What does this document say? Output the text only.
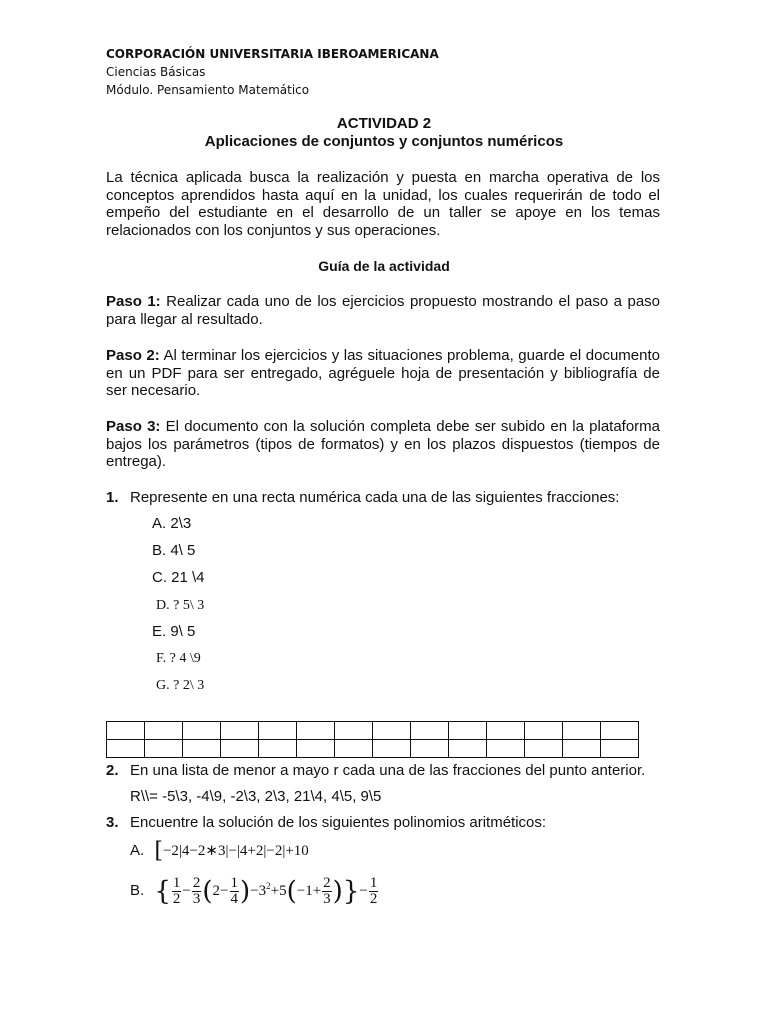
CORPORACIÓN UNIVERSITARIA IBEROAMERICANA
Ciencias Básicas
Módulo. Pensamiento Matemático
ACTIVIDAD 2
Aplicaciones de conjuntos y conjuntos numéricos
La técnica aplicada busca la realización y puesta en marcha operativa de los conceptos aprendidos hasta aquí en la unidad, los cuales requerirán de todo el empeño del estudiante en el desarrollo de un taller se apoye en los temas relacionados con los conjuntos y sus operaciones.
Guía de la actividad
Paso 1: Realizar cada uno de los ejercicios propuesto mostrando el paso a paso para llegar al resultado.
Paso 2: Al terminar los ejercicios y las situaciones problema, guarde el documento en un PDF para ser entregado, agréguele hoja de presentación y bibliografía de ser necesario.
Paso 3: El documento con la solución completa debe ser subido en la plataforma bajos los parámetros (tipos de formatos) y en los plazos dispuestos (tiempos de entrega).
1. Represente en una recta numérica cada una de las siguientes fracciones:
A. 2\3
B. 4\ 5
C. 21 \4
D. ? 5\ 3
E. 9\ 5
F. ? 4 \9
G. ? 2\ 3

2. En una lista de menor a mayo r cada una de las fracciones del punto anterior.
R\\= -5\3, -4\9, -2\3, 2\3, 21\4, 4\5, 9\5
3. Encuentre la solución de los siguientes polinomios aritméticos:
A. [−2|4−2∗3|−|4+2|−2|+10
B. { $\frac{1}{2} - \frac{2}{3} (2- \frac{1}{4} )-3^2+5(-1+ \frac{2}{3}$ )}− $\frac{1}{2}$
